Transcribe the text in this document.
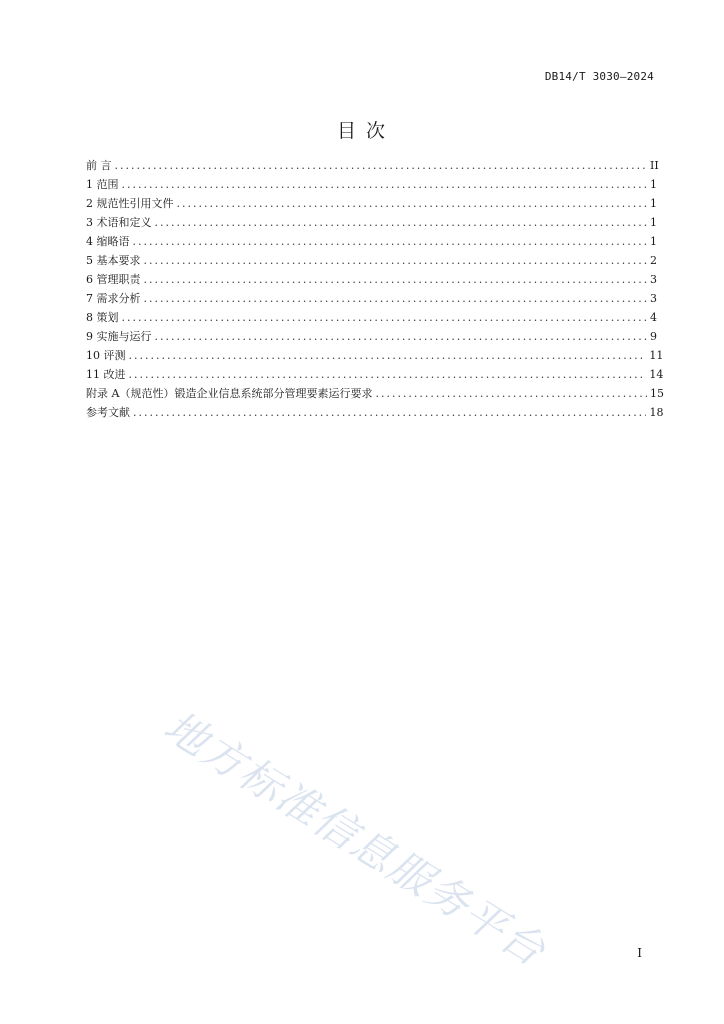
DB14/T 3030—2024
目 次
前 言 .....	II
1 范围 .....	1
2 规范性引用文件 .....	1
3 术语和定义 .....	1
4 缩略语 .....	1
5 基本要求 .....	2
6 管理职责 .....	3
7 需求分析 .....	3
8 策划 .....	4
9 实施与运行 .....	9
10 评测 .....	11
11 改进 .....	14
附录 A（规范性）锻造企业信息系统部分管理要素运行要求 .....	15
参考文献 .....	18
地方标准信息服务平台	I
